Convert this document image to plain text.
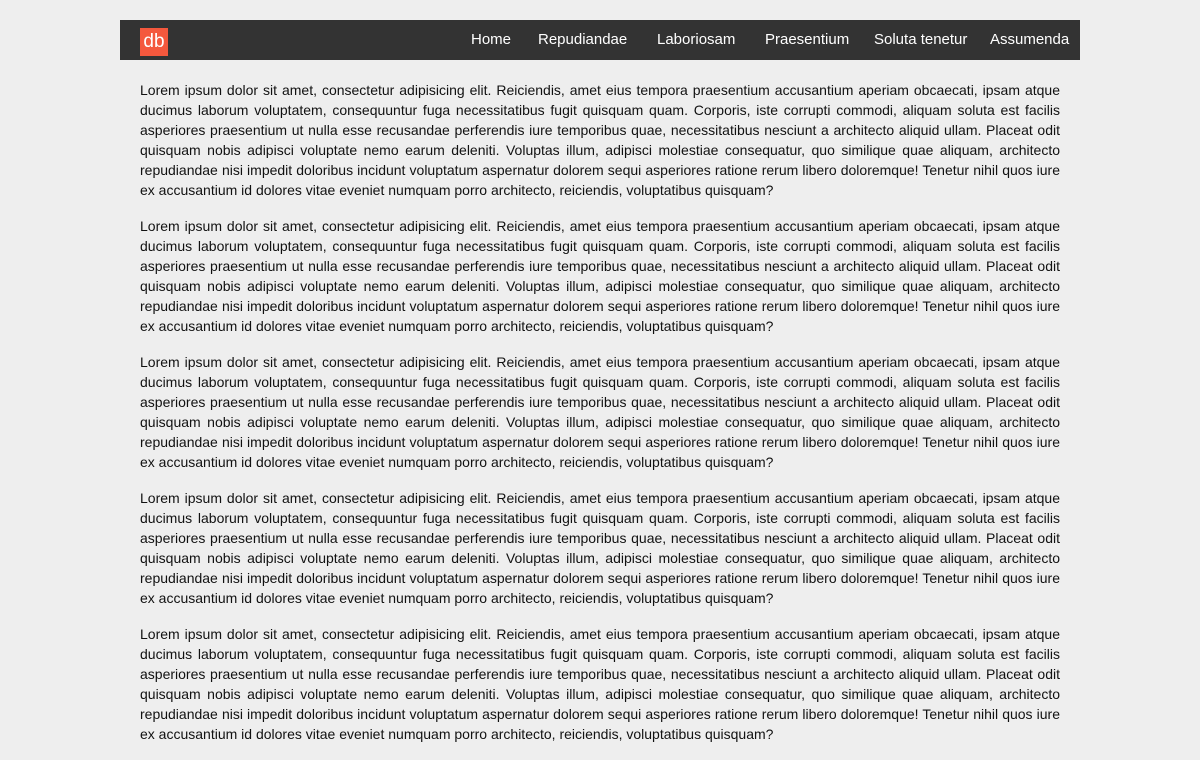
db	Home Repudiandae Laboriosam Praesentium Soluta tenetur Assumenda

Lorem ipsum dolor sit amet, consectetur adipisicing elit. Reiciendis, amet eius tempora praesentium accusantium aperiam obcaecati, ipsam atque ducimus laborum voluptatem, consequuntur fuga necessitatibus fugit quisquam quam. Corporis, iste corrupti commodi, aliquam soluta est facilis asperiores praesentium ut nulla esse recusandae perferendis iure temporibus quae, necessitatibus nesciunt a architecto aliquid ullam. Placeat odit quisquam nobis adipisci voluptate nemo earum deleniti. Voluptas illum, adipisci molestiae consequatur, quo similique quae aliquam, architecto repudiandae nisi impedit doloribus incidunt voluptatum aspernatur dolorem sequi asperiores ratione rerum libero doloremque! Tenetur nihil quos iure ex accusantium id dolores vitae eveniet numquam porro architecto, reiciendis, voluptatibus quisquam?

Lorem ipsum dolor sit amet, consectetur adipisicing elit. Reiciendis, amet eius tempora praesentium accusantium aperiam obcaecati, ipsam atque ducimus laborum voluptatem, consequuntur fuga necessitatibus fugit quisquam quam. Corporis, iste corrupti commodi, aliquam soluta est facilis asperiores praesentium ut nulla esse recusandae perferendis iure temporibus quae, necessitatibus nesciunt a architecto aliquid ullam. Placeat odit quisquam nobis adipisci voluptate nemo earum deleniti. Voluptas illum, adipisci molestiae consequatur, quo similique quae aliquam, architecto repudiandae nisi impedit doloribus incidunt voluptatum aspernatur dolorem sequi asperiores ratione rerum libero doloremque! Tenetur nihil quos iure ex accusantium id dolores vitae eveniet numquam porro architecto, reiciendis, voluptatibus quisquam?

Lorem ipsum dolor sit amet, consectetur adipisicing elit. Reiciendis, amet eius tempora praesentium accusantium aperiam obcaecati, ipsam atque ducimus laborum voluptatem, consequuntur fuga necessitatibus fugit quisquam quam. Corporis, iste corrupti commodi, aliquam soluta est facilis asperiores praesentium ut nulla esse recusandae perferendis iure temporibus quae, necessitatibus nesciunt a architecto aliquid ullam. Placeat odit quisquam nobis adipisci voluptate nemo earum deleniti. Voluptas illum, adipisci molestiae consequatur, quo similique quae aliquam, architecto repudiandae nisi impedit doloribus incidunt voluptatum aspernatur dolorem sequi asperiores ratione rerum libero doloremque! Tenetur nihil quos iure ex accusantium id dolores vitae eveniet numquam porro architecto, reiciendis, voluptatibus quisquam?

Lorem ipsum dolor sit amet, consectetur adipisicing elit. Reiciendis, amet eius tempora praesentium accusantium aperiam obcaecati, ipsam atque ducimus laborum voluptatem, consequuntur fuga necessitatibus fugit quisquam quam. Corporis, iste corrupti commodi, aliquam soluta est facilis asperiores praesentium ut nulla esse recusandae perferendis iure temporibus quae, necessitatibus nesciunt a architecto aliquid ullam. Placeat odit quisquam nobis adipisci voluptate nemo earum deleniti. Voluptas illum, adipisci molestiae consequatur, quo similique quae aliquam, architecto repudiandae nisi impedit doloribus incidunt voluptatum aspernatur dolorem sequi asperiores ratione rerum libero doloremque! Tenetur nihil quos iure ex accusantium id dolores vitae eveniet numquam porro architecto, reiciendis, voluptatibus quisquam?

Lorem ipsum dolor sit amet, consectetur adipisicing elit. Reiciendis, amet eius tempora praesentium accusantium aperiam obcaecati, ipsam atque ducimus laborum voluptatem, consequuntur fuga necessitatibus fugit quisquam quam. Corporis, iste corrupti commodi, aliquam soluta est facilis asperiores praesentium ut nulla esse recusandae perferendis iure temporibus quae, necessitatibus nesciunt a architecto aliquid ullam. Placeat odit quisquam nobis adipisci voluptate nemo earum deleniti. Voluptas illum, adipisci molestiae consequatur, quo similique quae aliquam, architecto repudiandae nisi impedit doloribus incidunt voluptatum aspernatur dolorem sequi asperiores ratione rerum libero doloremque! Tenetur nihil quos iure ex accusantium id dolores vitae eveniet numquam porro architecto, reiciendis, voluptatibus quisquam?
